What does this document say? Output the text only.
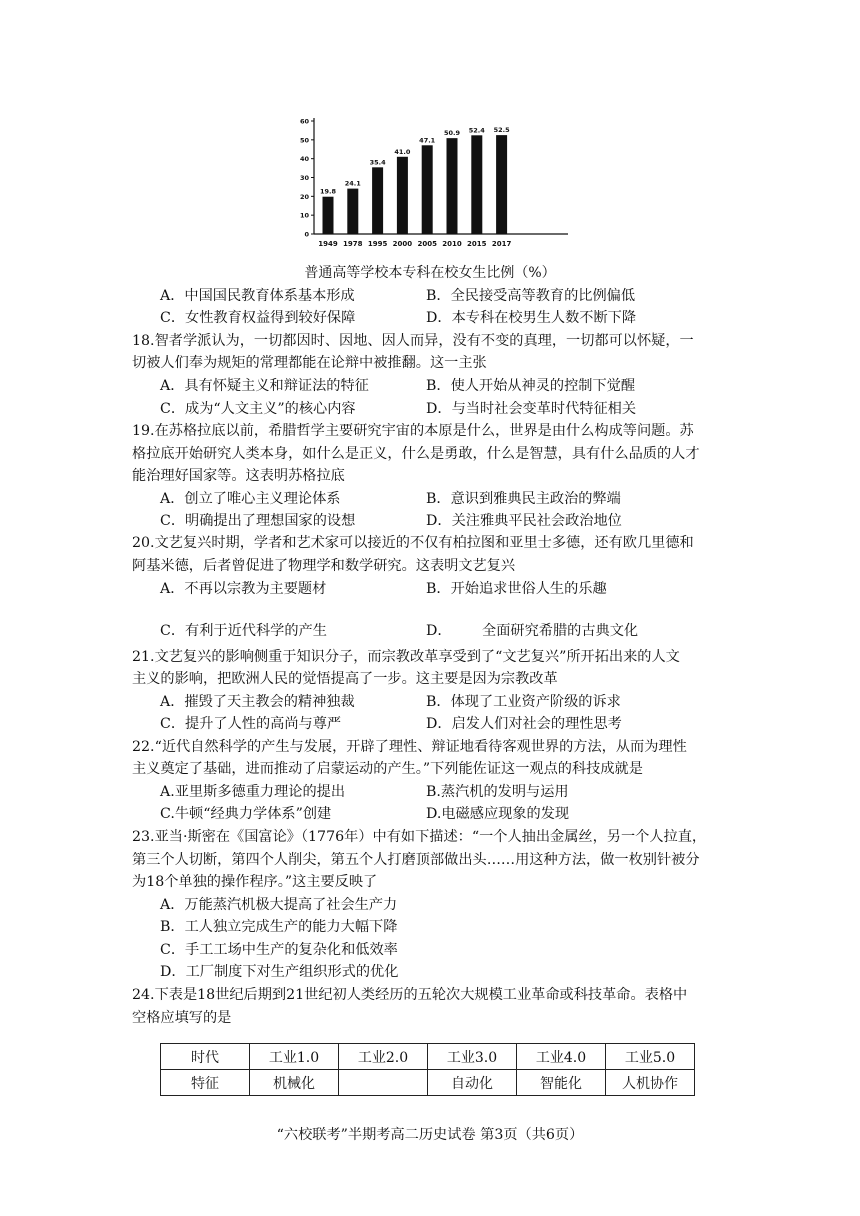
0
10
20
30
40
50
60
19.8
1949
24.1
1978
35.4
1995
41.0
2000
47.1
2005
50.9
2010
52.4
2015
52.5
2017
普通高等学校本专科在校女生比例（%）
A．中国国民教育体系基本形成	B．全民接受高等教育的比例偏低
C．女性教育权益得到较好保障	D．本专科在校男生人数不断下降
18.智者学派认为，一切都因时、因地、因人而异，没有不变的真理，一切都可以怀疑，一
切被人们奉为规矩的常理都能在论辩中被推翻。这一主张
A．具有怀疑主义和辩证法的特征	B．使人开始从神灵的控制下觉醒
C．成为“人文主义”的核心内容	D．与当时社会变革时代特征相关
19.在苏格拉底以前，希腊哲学主要研究宇宙的本原是什么，世界是由什么构成等问题。苏
格拉底开始研究人类本身，如什么是正义，什么是勇敢，什么是智慧，具有什么品质的人才
能治理好国家等。这表明苏格拉底
A．创立了唯心主义理论体系	B．意识到雅典民主政治的弊端
C．明确提出了理想国家的设想	D．关注雅典平民社会政治地位
20.文艺复兴时期，学者和艺术家可以接近的不仅有柏拉图和亚里士多德，还有欧几里德和
阿基米德，后者曾促进了物理学和数学研究。这表明文艺复兴
A．不再以宗教为主要题材	B．开始追求世俗人生的乐趣
C．有利于近代科学的产生	D． 全面研究希腊的古典文化
21.文艺复兴的影响侧重于知识分子，而宗教改革享受到了“文艺复兴”所开拓出来的人文
主义的影响，把欧洲人民的觉悟提高了一步。这主要是因为宗教改革
A．摧毁了天主教会的精神独裁	B．体现了工业资产阶级的诉求
C．提升了人性的高尚与尊严	D．启发人们对社会的理性思考
22.“近代自然科学的产生与发展，开辟了理性、辩证地看待客观世界的方法，从而为理性
主义奠定了基础，进而推动了启蒙运动的产生。”下列能佐证这一观点的科技成就是
A.亚里斯多德重力理论的提出	B.蒸汽机的发明与运用
C.牛顿“经典力学体系”创建	D.电磁感应现象的发现
23.亚当·斯密在《国富论》（1776年）中有如下描述：“一个人抽出金属丝，另一个人拉直，
第三个人切断，第四个人削尖，第五个人打磨顶部做出头……用这种方法，做一枚别针被分
为18个单独的操作程序。”这主要反映了
A．万能蒸汽机极大提高了社会生产力
B．工人独立完成生产的能力大幅下降
C．手工工场中生产的复杂化和低效率
D．工厂制度下对生产组织形式的优化
24.下表是18世纪后期到21世纪初人类经历的五轮次大规模工业革命或科技革命。表格中
空格应填写的是
时代	工业1.0	工业2.0	工业3.0	工业4.0	工业5.0
特征	机械化		自动化	智能化	人机协作
“六校联考”半期考高二历史试卷 第3页（共6页）
